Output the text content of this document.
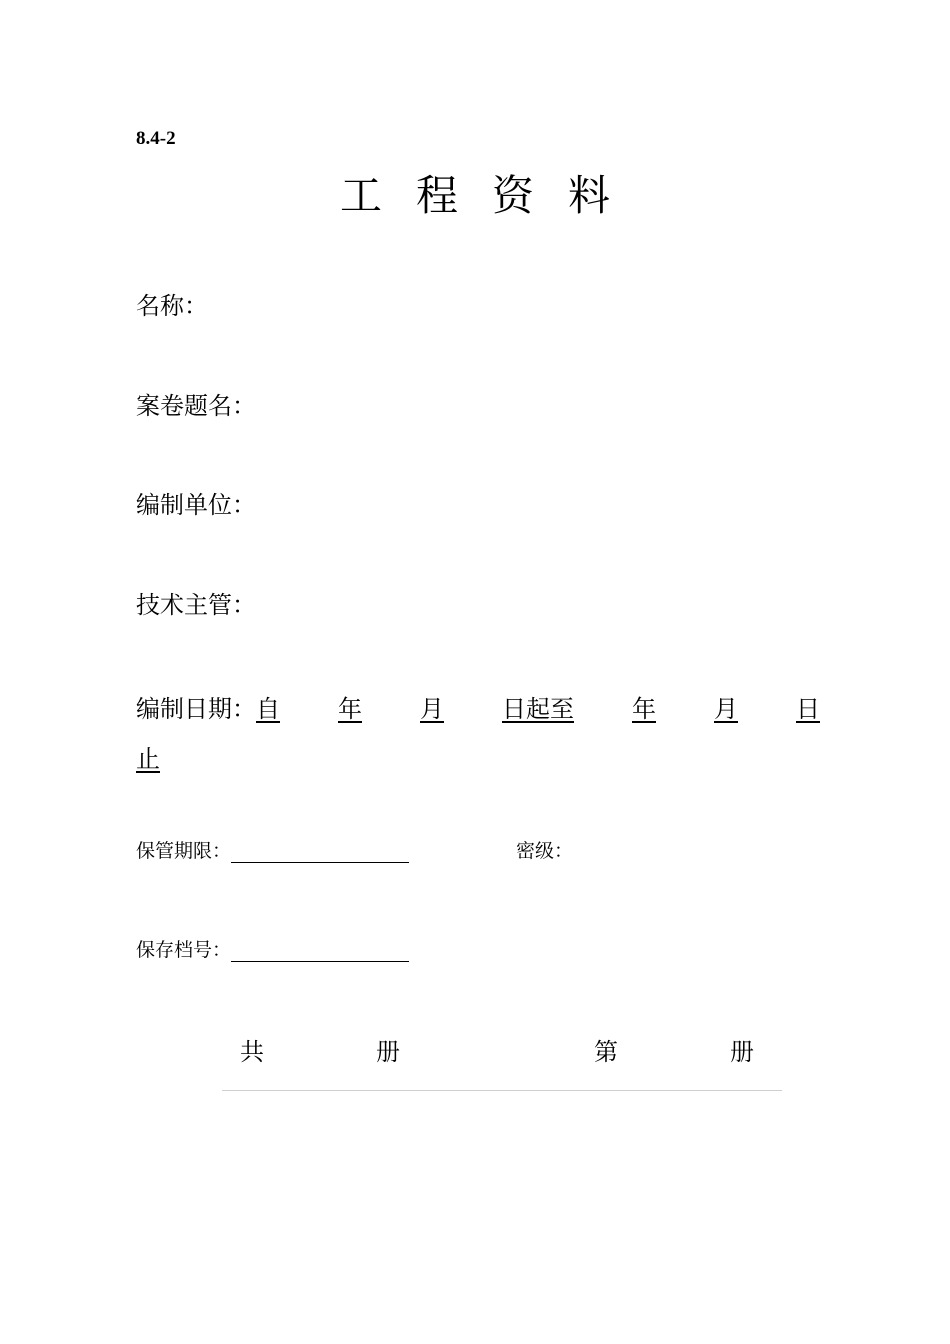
8.4-2
工 程 资 料
名称：
案卷题名：
编制单位：
技术主管：
编制日期：自 年 月 日起至 年 月 日
止
保管期限：	密级：
保存档号：
共	册	第	册
